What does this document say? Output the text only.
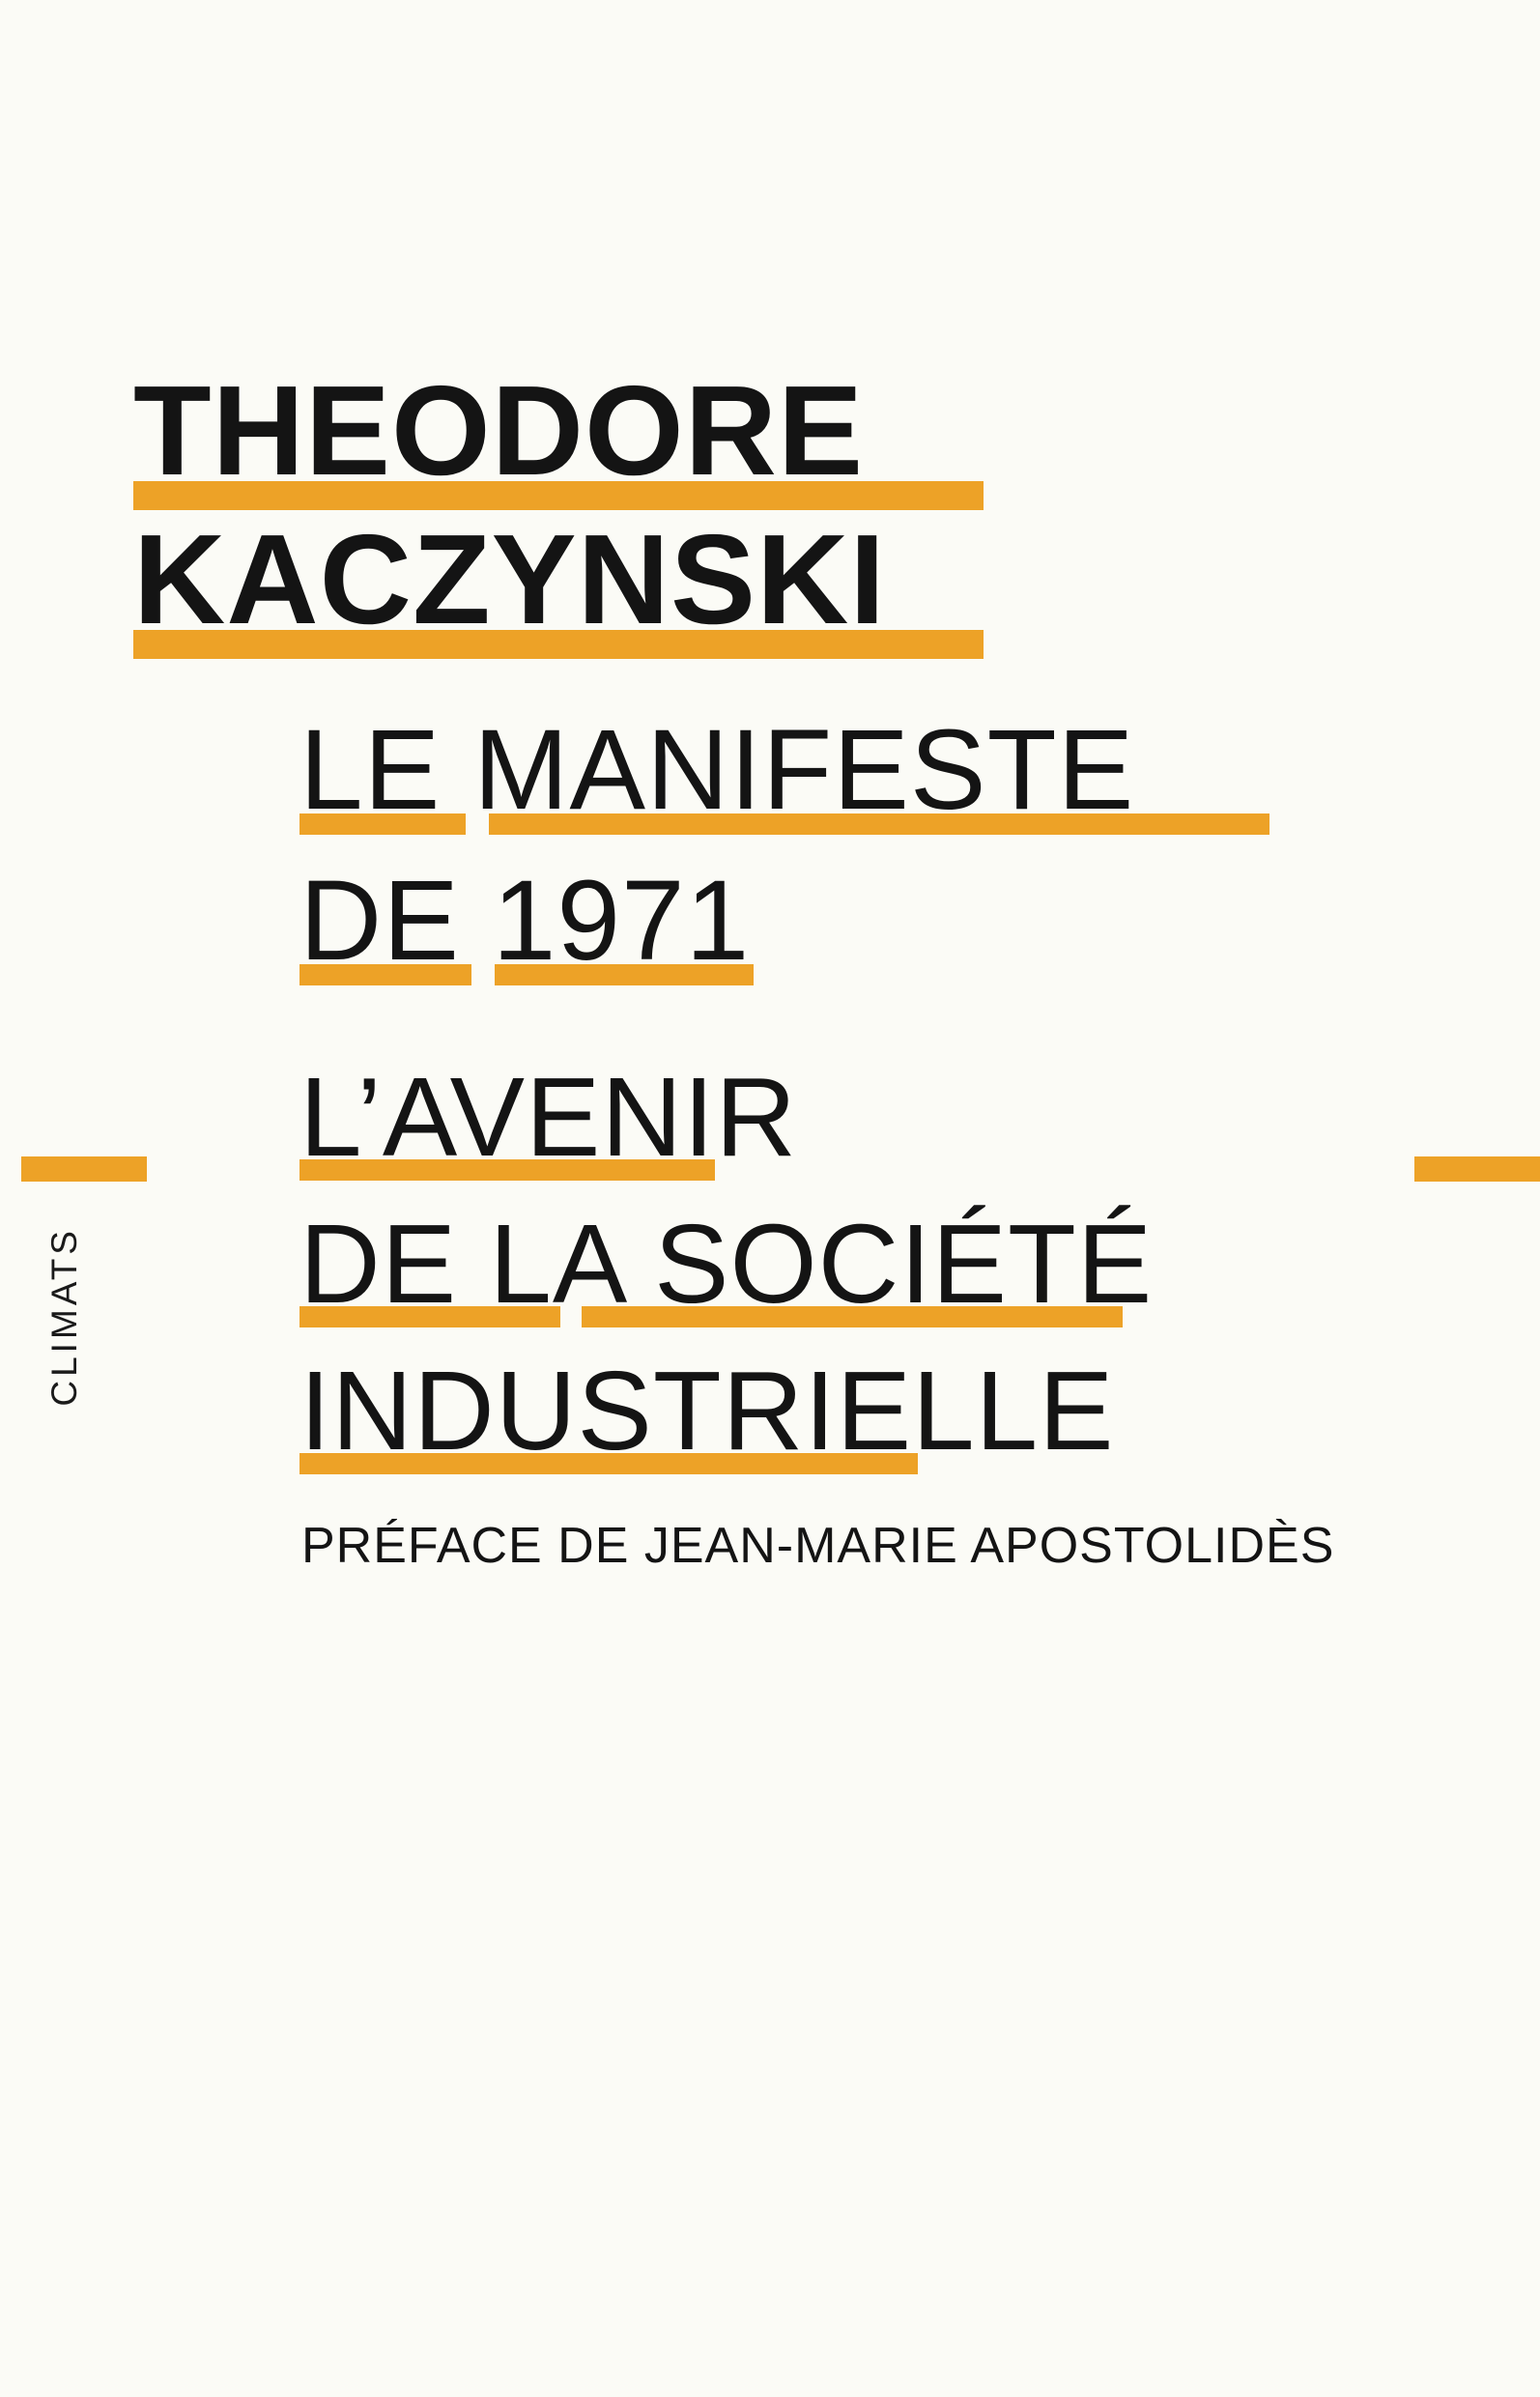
CLIMATS
THEODORE
KACZYNSKI
LE MANIFESTE
DE 1971
L’AVENIR
DE LA SOCIÉTÉ
INDUSTRIELLE
PRÉFACE DE JEAN-MARIE APOSTOLIDÈS
